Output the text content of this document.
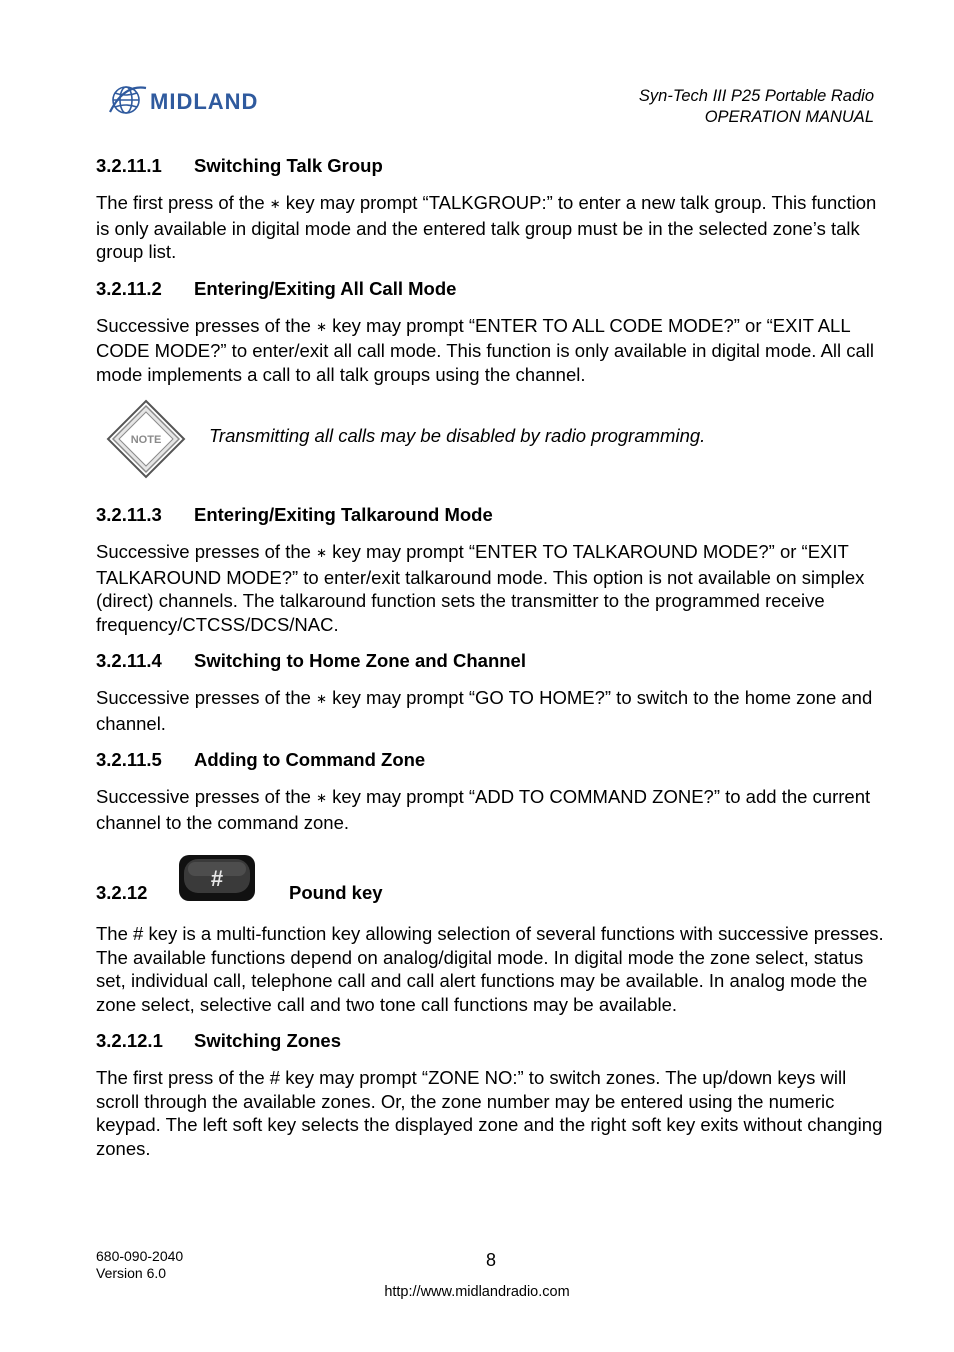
MIDLAND	Syn-Tech III P25 Portable Radio
OPERATION MANUAL
3.2.11.1 Switching Talk Group

The first press of the ∗ key may prompt “TALKGROUP:” to enter a new talk group. This function is only available in digital mode and the entered talk group must be in the selected zone’s talk group list.

3.2.11.2 Entering/Exiting All Call Mode

Successive presses of the ∗ key may prompt “ENTER TO ALL CODE MODE?” or “EXIT ALL CODE MODE?” to enter/exit all call mode. This function is only available in digital mode. All call mode implements a call to all talk groups using the channel.

NOTE	Transmitting all calls may be disabled by radio programming.
3.2.11.3 Entering/Exiting Talkaround Mode

Successive presses of the ∗ key may prompt “ENTER TO TALKAROUND MODE?” or “EXIT TALKAROUND MODE?” to enter/exit talkaround mode. This option is not available on simplex (direct) channels. The talkaround function sets the transmitter to the programmed receive frequency/CTCSS/DCS/NAC.

3.2.11.4 Switching to Home Zone and Channel

Successive presses of the ∗ key may prompt “GO TO HOME?” to switch to the home zone and channel.

3.2.11.5 Adding to Command Zone

Successive presses of the ∗ key may prompt “ADD TO COMMAND ZONE?” to add the current channel to the command zone.

3.2.12
#
Pound key

The # key is a multi-function key allowing selection of several functions with successive presses. The available functions depend on analog/digital mode. In digital mode the zone select, status set, individual call, telephone call and call alert functions may be available. In analog mode the zone select, selective call and two tone call functions may be available.

3.2.12.1 Switching Zones

The first press of the # key may prompt “ZONE NO:” to switch zones. The up/down keys will scroll through the available zones. Or, the zone number may be entered using the numeric keypad. The left soft key selects the displayed zone and the right soft key exits without changing zones.

680-090-2040
Version 6.0
8
http://www.midlandradio.com
